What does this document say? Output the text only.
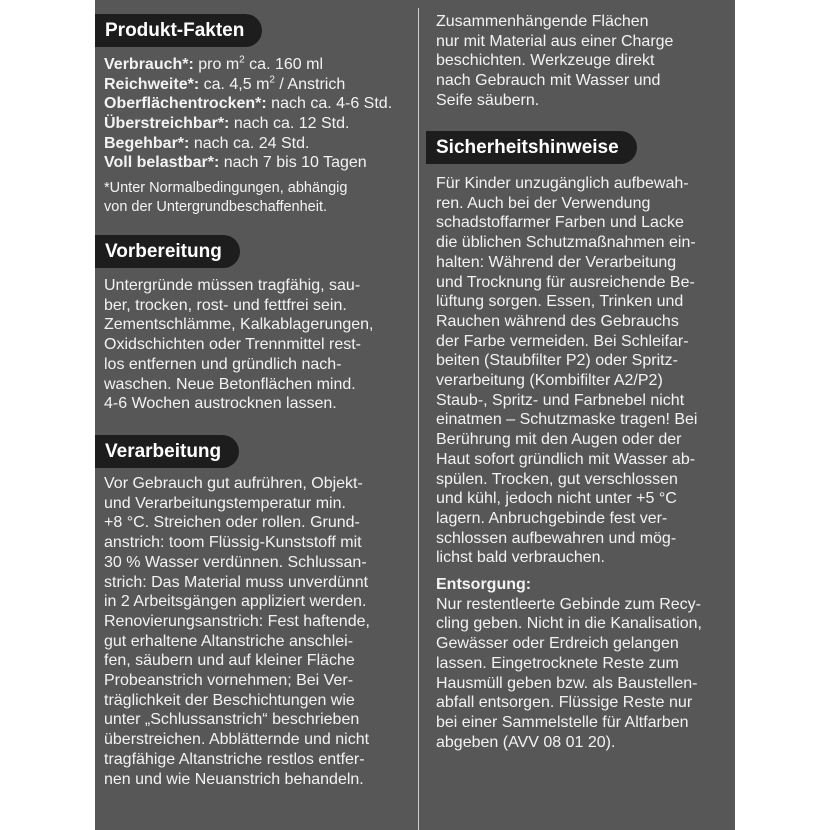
Produkt-Fakten
Verbrauch*: pro $m^2$ ca. 160 ml
Reichweite*: ca. 4,5 $m^2$ / Anstrich
Oberflächentrocken*: nach ca. 4-6 Std.
Überstreichbar*: nach ca. 12 Std.
Begehbar*: nach ca. 24 Std.
Voll belastbar*: nach 7 bis 10 Tagen
*Unter Normalbedingungen, abhängig
von der Untergrundbeschaffenheit.
Vorbereitung
Untergründe müssen tragfähig, sau-
ber, trocken, rost- und fettfrei sein.
Zementschlämme, Kalkablagerungen,
Oxidschichten oder Trennmittel rest-
los entfernen und gründlich nach-
waschen. Neue Betonflächen mind.
4-6 Wochen austrocknen lassen.
Verarbeitung
Vor Gebrauch gut aufrühren, Objekt-
und Verarbeitungstemperatur min.
+8 °C. Streichen oder rollen. Grund-
anstrich: toom Flüssig-Kunststoff mit
30 % Wasser verdünnen. Schlussan-
strich: Das Material muss unverdünnt
in 2 Arbeitsgängen appliziert werden.
Renovierungsanstrich: Fest haftende,
gut erhaltene Altanstriche anschlei-
fen, säubern und auf kleiner Fläche
Probeanstrich vornehmen; Bei Ver-
träglichkeit der Beschichtungen wie
unter „Schlussanstrich“ beschrieben
überstreichen. Abblätternde und nicht
tragfähige Altanstriche restlos entfer-
nen und wie Neuanstrich behandeln.
Zusammenhängende Flächen
nur mit Material aus einer Charge
beschichten. Werkzeuge direkt
nach Gebrauch mit Wasser und
Seife säubern.
Sicherheitshinweise
Für Kinder unzugänglich aufbewah-
ren. Auch bei der Verwendung
schadstoffarmer Farben und Lacke
die üblichen Schutzmaßnahmen ein-
halten: Während der Verarbeitung
und Trocknung für ausreichende Be-
lüftung sorgen. Essen, Trinken und
Rauchen während des Gebrauchs
der Farbe vermeiden. Bei Schleifar-
beiten (Staubfilter P2) oder Spritz-
verarbeitung (Kombifilter A2/P2)
Staub-, Spritz- und Farbnebel nicht
einatmen – Schutzmaske tragen! Bei
Berührung mit den Augen oder der
Haut sofort gründlich mit Wasser ab-
spülen. Trocken, gut verschlossen
und kühl, jedoch nicht unter +5 °C
lagern. Anbruchgebinde fest ver-
schlossen aufbewahren und mög-
lichst bald verbrauchen.
Entsorgung:
Nur restentleerte Gebinde zum Recy-
cling geben. Nicht in die Kanalisation,
Gewässer oder Erdreich gelangen
lassen. Eingetrocknete Reste zum
Hausmüll geben bzw. als Baustellen-
abfall entsorgen. Flüssige Reste nur
bei einer Sammelstelle für Altfarben
abgeben (AVV 08 01 20).
